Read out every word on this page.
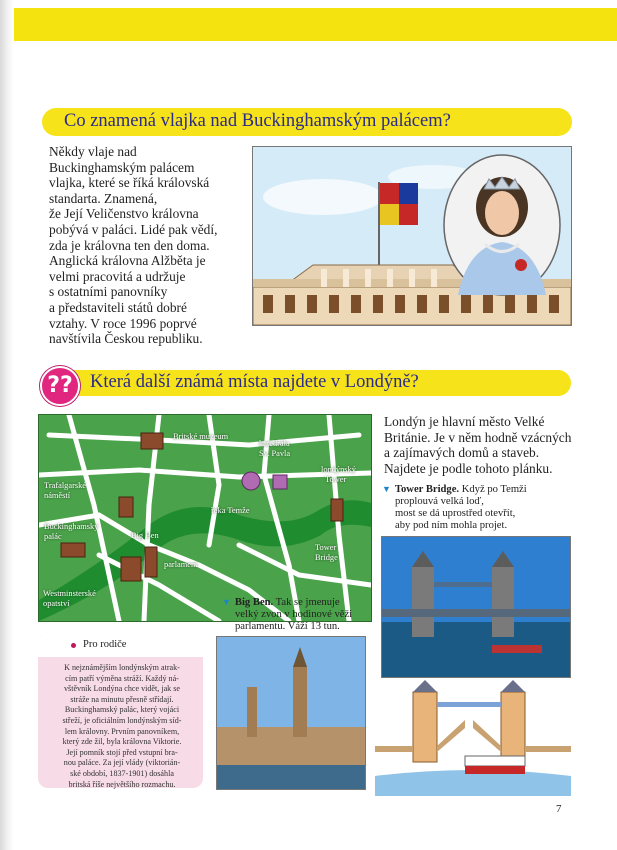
Co znamená vlajka nad Buckinghamským palácem?
Někdy vlaje nad
Buckinghamským palácem
vlajka, které se říká královská
standarta. Znamená,
že Její Veličenstvo královna
pobývá v paláci. Lidé pak vědí,
zda je královna ten den doma.
Anglická královna Alžběta je
velmi pracovitá a udržuje
s ostatními panovníky
a představiteli států dobré
vztahy. V roce 1996 poprvé
navštívila Českou republiku.
Která další známá místa najdete v Londýně?
??
Londýn je hlavní město Velké
Británie. Je v něm hodně vzácných
a zajímavých domů a staveb.
Najdete je podle tohoto plánku.
Britské muzeum
katedrála
Sv. Pavla
londýnský
Tower
Trafalgarské
náměstí
řeka Temže
Buckinghamský
palác	Big Ben
parlament
Tower
Bridge
Westminsterské
opatství
▼ Tower Bridge. Když po Temži
proplouvá velká loď,
most se dá uprostřed otevřít,
aby pod ním mohla projet.
▼ Big Ben. Tak se jmenuje
velký zvon v hodinové věži
parlamentu. Váží 13 tun.
Pro rodiče
K nejznámějším londýnským atrak-
cím patří výměna stráží. Každý ná-
vštěvník Londýna chce vidět, jak se
stráže na minutu přesně střídají.
Buckinghamský palác, který vojáci
střeží, je oficiálním londýnským síd-
lem královny. Prvním panovníkem,
který zde žil, byla královna Viktorie.
Její pomník stojí před vstupní bra-
nou paláce. Za její vlády (viktorián-
ské období, 1837-1901) dosáhla
britská říše největšího rozmachu.
7
